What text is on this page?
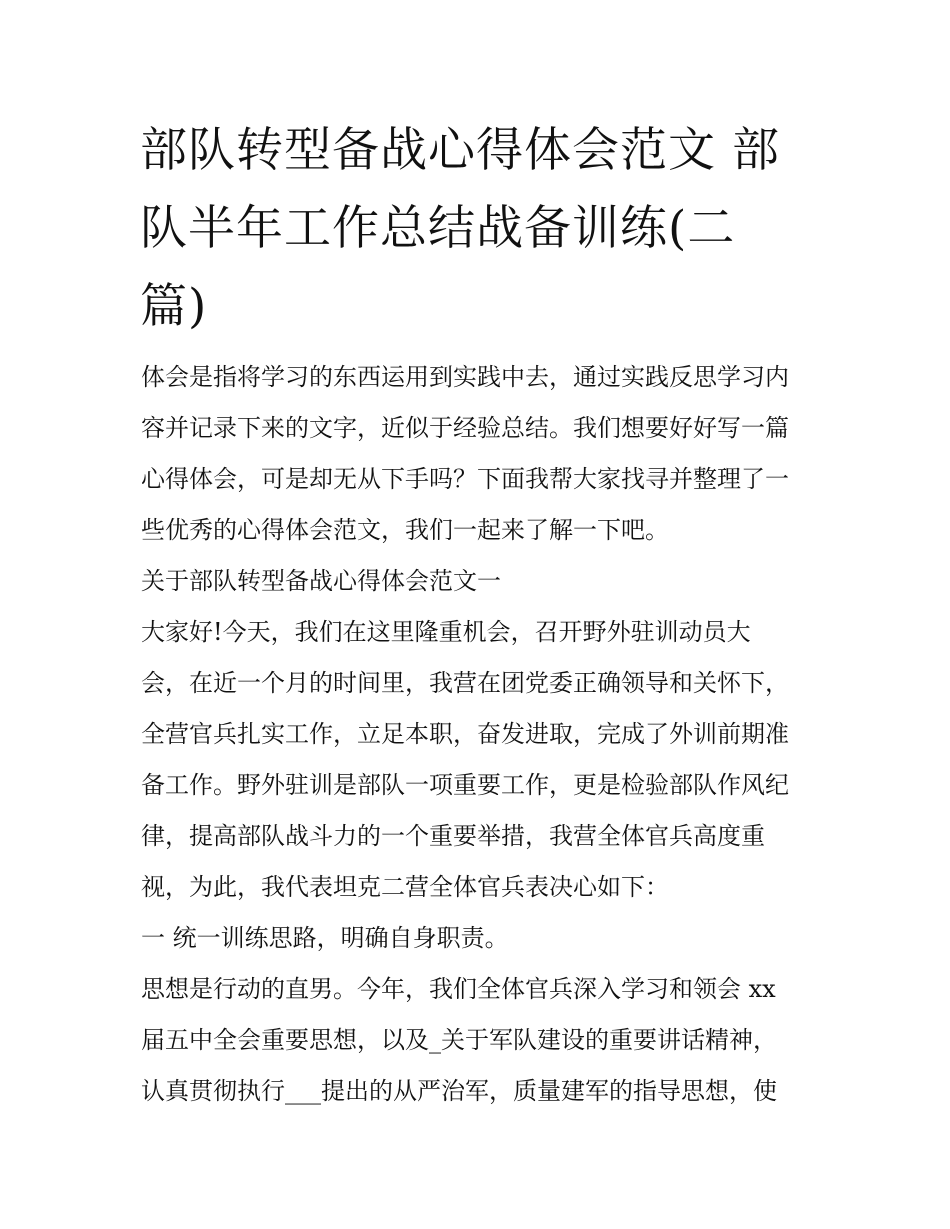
部队转型备战心得体会范文 部
队半年工作总结战备训练(二
篇)
体会是指将学习的东西运用到实践中去，通过实践反思学习内
容并记录下来的文字，近似于经验总结。我们想要好好写一篇
心得体会，可是却无从下手吗？下面我帮大家找寻并整理了一
些优秀的心得体会范文，我们一起来了解一下吧。
关于部队转型备战心得体会范文一
大家好!今天，我们在这里隆重机会，召开野外驻训动员大
会，在近一个月的时间里，我营在团党委正确领导和关怀下，
全营官兵扎实工作，立足本职，奋发进取，完成了外训前期准
备工作。野外驻训是部队一项重要工作，更是检验部队作风纪
律，提高部队战斗力的一个重要举措，我营全体官兵高度重
视，为此，我代表坦克二营全体官兵表决心如下：
一 统一训练思路，明确自身职责。
思想是行动的直男。今年，我们全体官兵深入学习和领会 xx
届五中全会重要思想，以及_关于军队建设的重要讲话精神，
认真贯彻执行___提出的从严治军，质量建军的指导思想，使
